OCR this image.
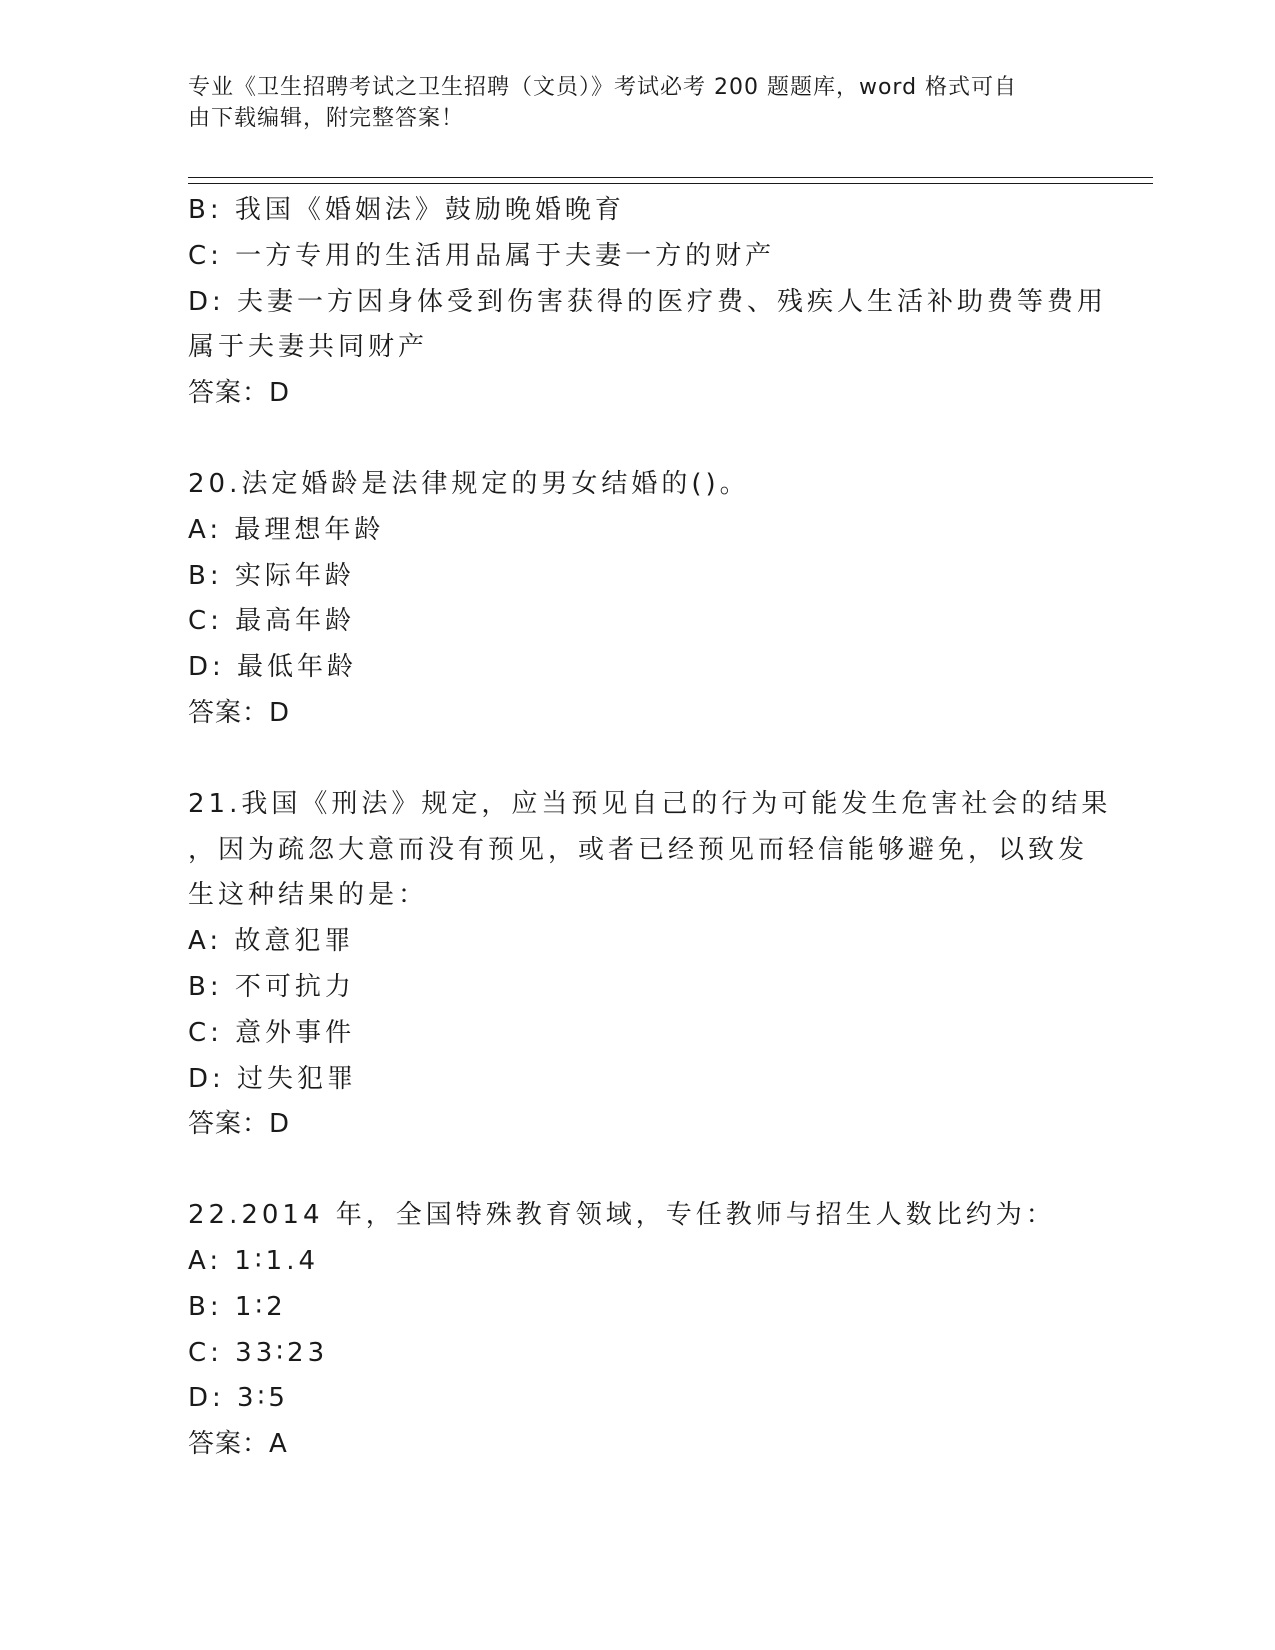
专业《卫生招聘考试之卫生招聘（文员）》考试必考 200 题题库，word 格式可自
由下载编辑，附完整答案！
B: 我国《婚姻法》鼓励晚婚晚育
C: 一方专用的生活用品属于夫妻一方的财产
D: 夫妻一方因身体受到伤害获得的医疗费、残疾人生活补助费等费用
属于夫妻共同财产
答案：D
20.法定婚龄是法律规定的男女结婚的()。
A: 最理想年龄
B: 实际年龄
C: 最高年龄
D: 最低年龄
答案：D
21.我国《刑法》规定，应当预见自己的行为可能发生危害社会的结果
，因为疏忽大意而没有预见，或者已经预见而轻信能够避免，以致发
生这种结果的是：
A: 故意犯罪
B: 不可抗力
C: 意外事件
D: 过失犯罪
答案：D
22.2014 年，全国特殊教育领域，专任教师与招生人数比约为：
A: 1∶1.4
B: 1∶2
C: 33∶23
D: 3∶5
答案：A
